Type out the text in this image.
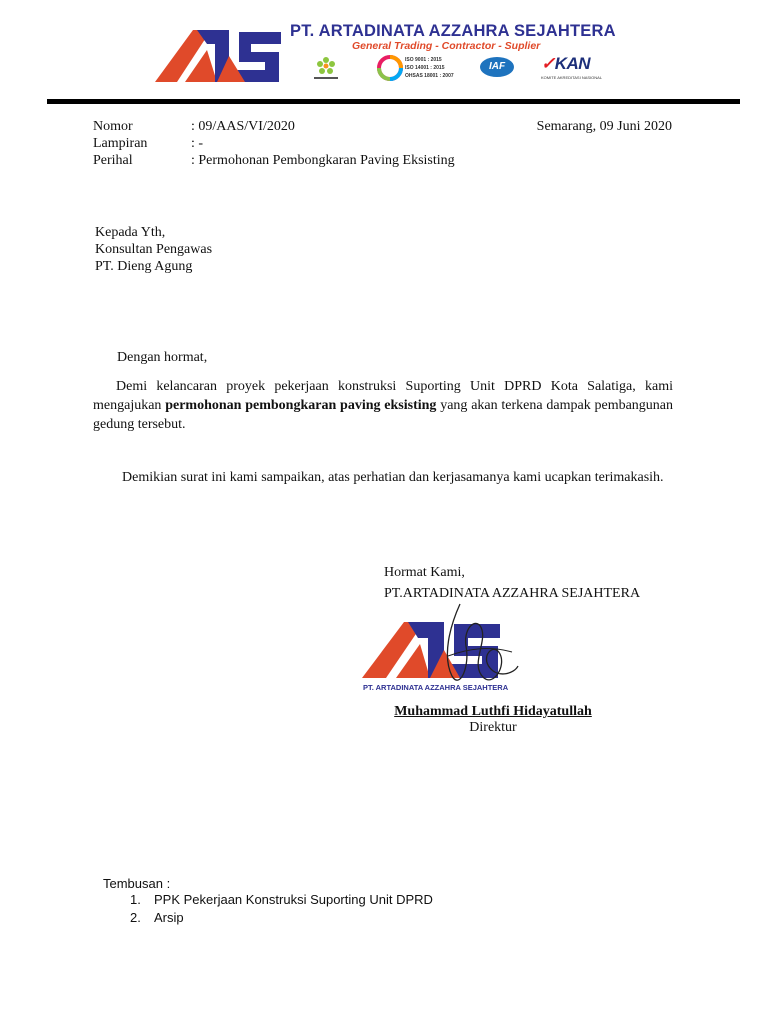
PT. ARTADINATA AZZAHRA SEJAHTERA
General Trading - Contractor - Suplier
ISO 9001 : 2015
ISO 14001 : 2015
OHSAS 18001 : 2007
IAF	✓KAN
KOMITE AKREDITASI NASIONAL
Nomor	: 09/AAS/VI/2020
Lampiran	: -
Perihal	: Permohonan Pembongkaran Paving Eksisting
Semarang, 09 Juni 2020
Kepada Yth,
Konsultan Pengawas
PT. Dieng Agung
Dengan hormat,
Demi kelancaran proyek pekerjaan konstruksi Suporting Unit DPRD Kota Salatiga, kami mengajukan permohonan pembongkaran paving eksisting yang akan terkena dampak pembangunan gedung tersebut.
Demikian surat ini kami sampaikan, atas perhatian dan kerjasamanya kami ucapkan terimakasih.
Hormat Kami,
PT.ARTADINATA AZZAHRA SEJAHTERA
PT. ARTADINATA AZZAHRA SEJAHTERA
Muhammad Luthfi Hidayatullah
Direktur
Tembusan :
1. PPK Pekerjaan Konstruksi Suporting Unit DPRD
2. Arsip
